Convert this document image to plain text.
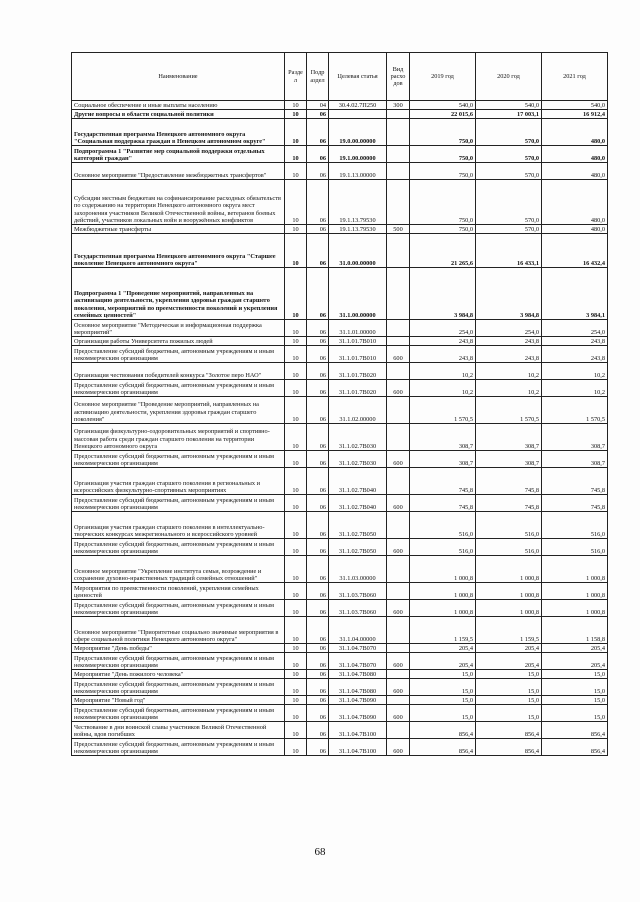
Наименование	Разде л	Подр аздел	Целевая статья	Вид расхо дов	2019 год	2020 год	2021 год
Социальное обеспечение и иные выплаты населению	10	04	30.4.02.7П250	300	540,0	540,0	540,0
Другие вопросы в области социальной политики	10	06			22 015,6	17 003,1	16 912,4
Государственная программа Ненецкого автономного округа "Социальная поддержка граждан в Ненецком автономном округе"	10	06	19.0.00.00000		750,0	570,0	480,0
Подпрограмма 1 "Развитие мер социальной поддержки отдельных категорий граждан"	10	06	19.1.00.00000		750,0	570,0	480,0
Основное мероприятие "Предоставление межбюджетных трансфертов"	10	06	19.1.13.00000		750,0	570,0	480,0
Субсидии местным бюджетам на софинансирование расходных обязательств по содержанию на территории Ненецкого автономного округа мест захоронения участников Великой Отечественной войны, ветеранов боевых действий, участников локальных войн и вооружённых конфликтов	10	06	19.1.13.79530		750,0	570,0	480,0
Межбюджетные трансферты	10	06	19.1.13.79530	500	750,0	570,0	480,0
Государственная программа Ненецкого автономного округа "Старшее поколение Ненецкого автономного округа"	10	06	31.0.00.00000		21 265,6	16 433,1	16 432,4
Подпрограмма 1 "Проведение мероприятий, направленных на активизацию деятельности, укрепления здоровья граждан старшего поколения, мероприятий по преемственности поколений и укрепления семейных ценностей"	10	06	31.1.00.00000		3 984,8	3 984,8	3 984,1
Основное мероприятие "Методическая и информационная поддержка мероприятий"	10	06	31.1.01.00000		254,0	254,0	254,0
Организация работы Университета пожилых людей	10	06	31.1.01.7В010		243,8	243,8	243,8
Предоставление субсидий бюджетным, автономным учреждениям и иным некоммерческим организациям	10	06	31.1.01.7В010	600	243,8	243,8	243,8
Организация чествования победителей конкурса "Золотое перо НАО"	10	06	31.1.01.7В020		10,2	10,2	10,2
Предоставление субсидий бюджетным, автономным учреждениям и иным некоммерческим организациям	10	06	31.1.01.7В020	600	10,2	10,2	10,2
Основное мероприятие "Проведение мероприятий, направленных на активизацию деятельности, укрепления здоровья граждан старшего поколения"	10	06	31.1.02.00000		1 570,5	1 570,5	1 570,5
Организация физкультурно-оздоровительных мероприятий и спортивно-массовая работа среди граждан старшего поколения на территории Ненецкого автономного округа	10	06	31.1.02.7В030		308,7	308,7	308,7
Предоставление субсидий бюджетным, автономным учреждениям и иным некоммерческим организациям	10	06	31.1.02.7В030	600	308,7	308,7	308,7
Организация участия граждан старшего поколения в региональных и всероссийских физкультурно-спортивных мероприятиях	10	06	31.1.02.7В040		745,8	745,8	745,8
Предоставление субсидий бюджетным, автономным учреждениям и иным некоммерческим организациям	10	06	31.1.02.7В040	600	745,8	745,8	745,8
Организация участия граждан старшего поколения в интеллектуально-творческих конкурсах межрегионального и всероссийского уровней	10	06	31.1.02.7В050		516,0	516,0	516,0
Предоставление субсидий бюджетным, автономным учреждениям и иным некоммерческим организациям	10	06	31.1.02.7В050	600	516,0	516,0	516,0
Основное мероприятие "Укрепление института семьи, возрождение и сохранение духовно-нравственных традиций семейных отношений"	10	06	31.1.03.00000		1 000,8	1 000,8	1 000,8
Мероприятия по преемственности поколений, укрепления семейных ценностей	10	06	31.1.03.7В060		1 000,8	1 000,8	1 000,8
Предоставление субсидий бюджетным, автономным учреждениям и иным некоммерческим организациям	10	06	31.1.03.7В060	600	1 000,8	1 000,8	1 000,8
Основное мероприятие "Приоритетные социально значимые мероприятия в сфере социальной политики Ненецкого автономного округа"	10	06	31.1.04.00000		1 159,5	1 159,5	1 158,8
Мероприятие "День победы"	10	06	31.1.04.7В070		205,4	205,4	205,4
Предоставление субсидий бюджетным, автономным учреждениям и иным некоммерческим организациям	10	06	31.1.04.7В070	600	205,4	205,4	205,4
Мероприятие "День пожилого человека"	10	06	31.1.04.7В080		15,0	15,0	15,0
Предоставление субсидий бюджетным, автономным учреждениям и иным некоммерческим организациям	10	06	31.1.04.7В080	600	15,0	15,0	15,0
Мероприятие "Новый год"	10	06	31.1.04.7В090		15,0	15,0	15,0
Предоставление субсидий бюджетным, автономным учреждениям и иным некоммерческим организациям	10	06	31.1.04.7В090	600	15,0	15,0	15,0
Чествование в дни воинской славы участников Великой Отечественной войны, вдов погибших	10	06	31.1.04.7В100		856,4	856,4	856,4
Предоставление субсидий бюджетным, автономным учреждениям и иным некоммерческим организациям	10	06	31.1.04.7В100	600	856,4	856,4	856,4
68
